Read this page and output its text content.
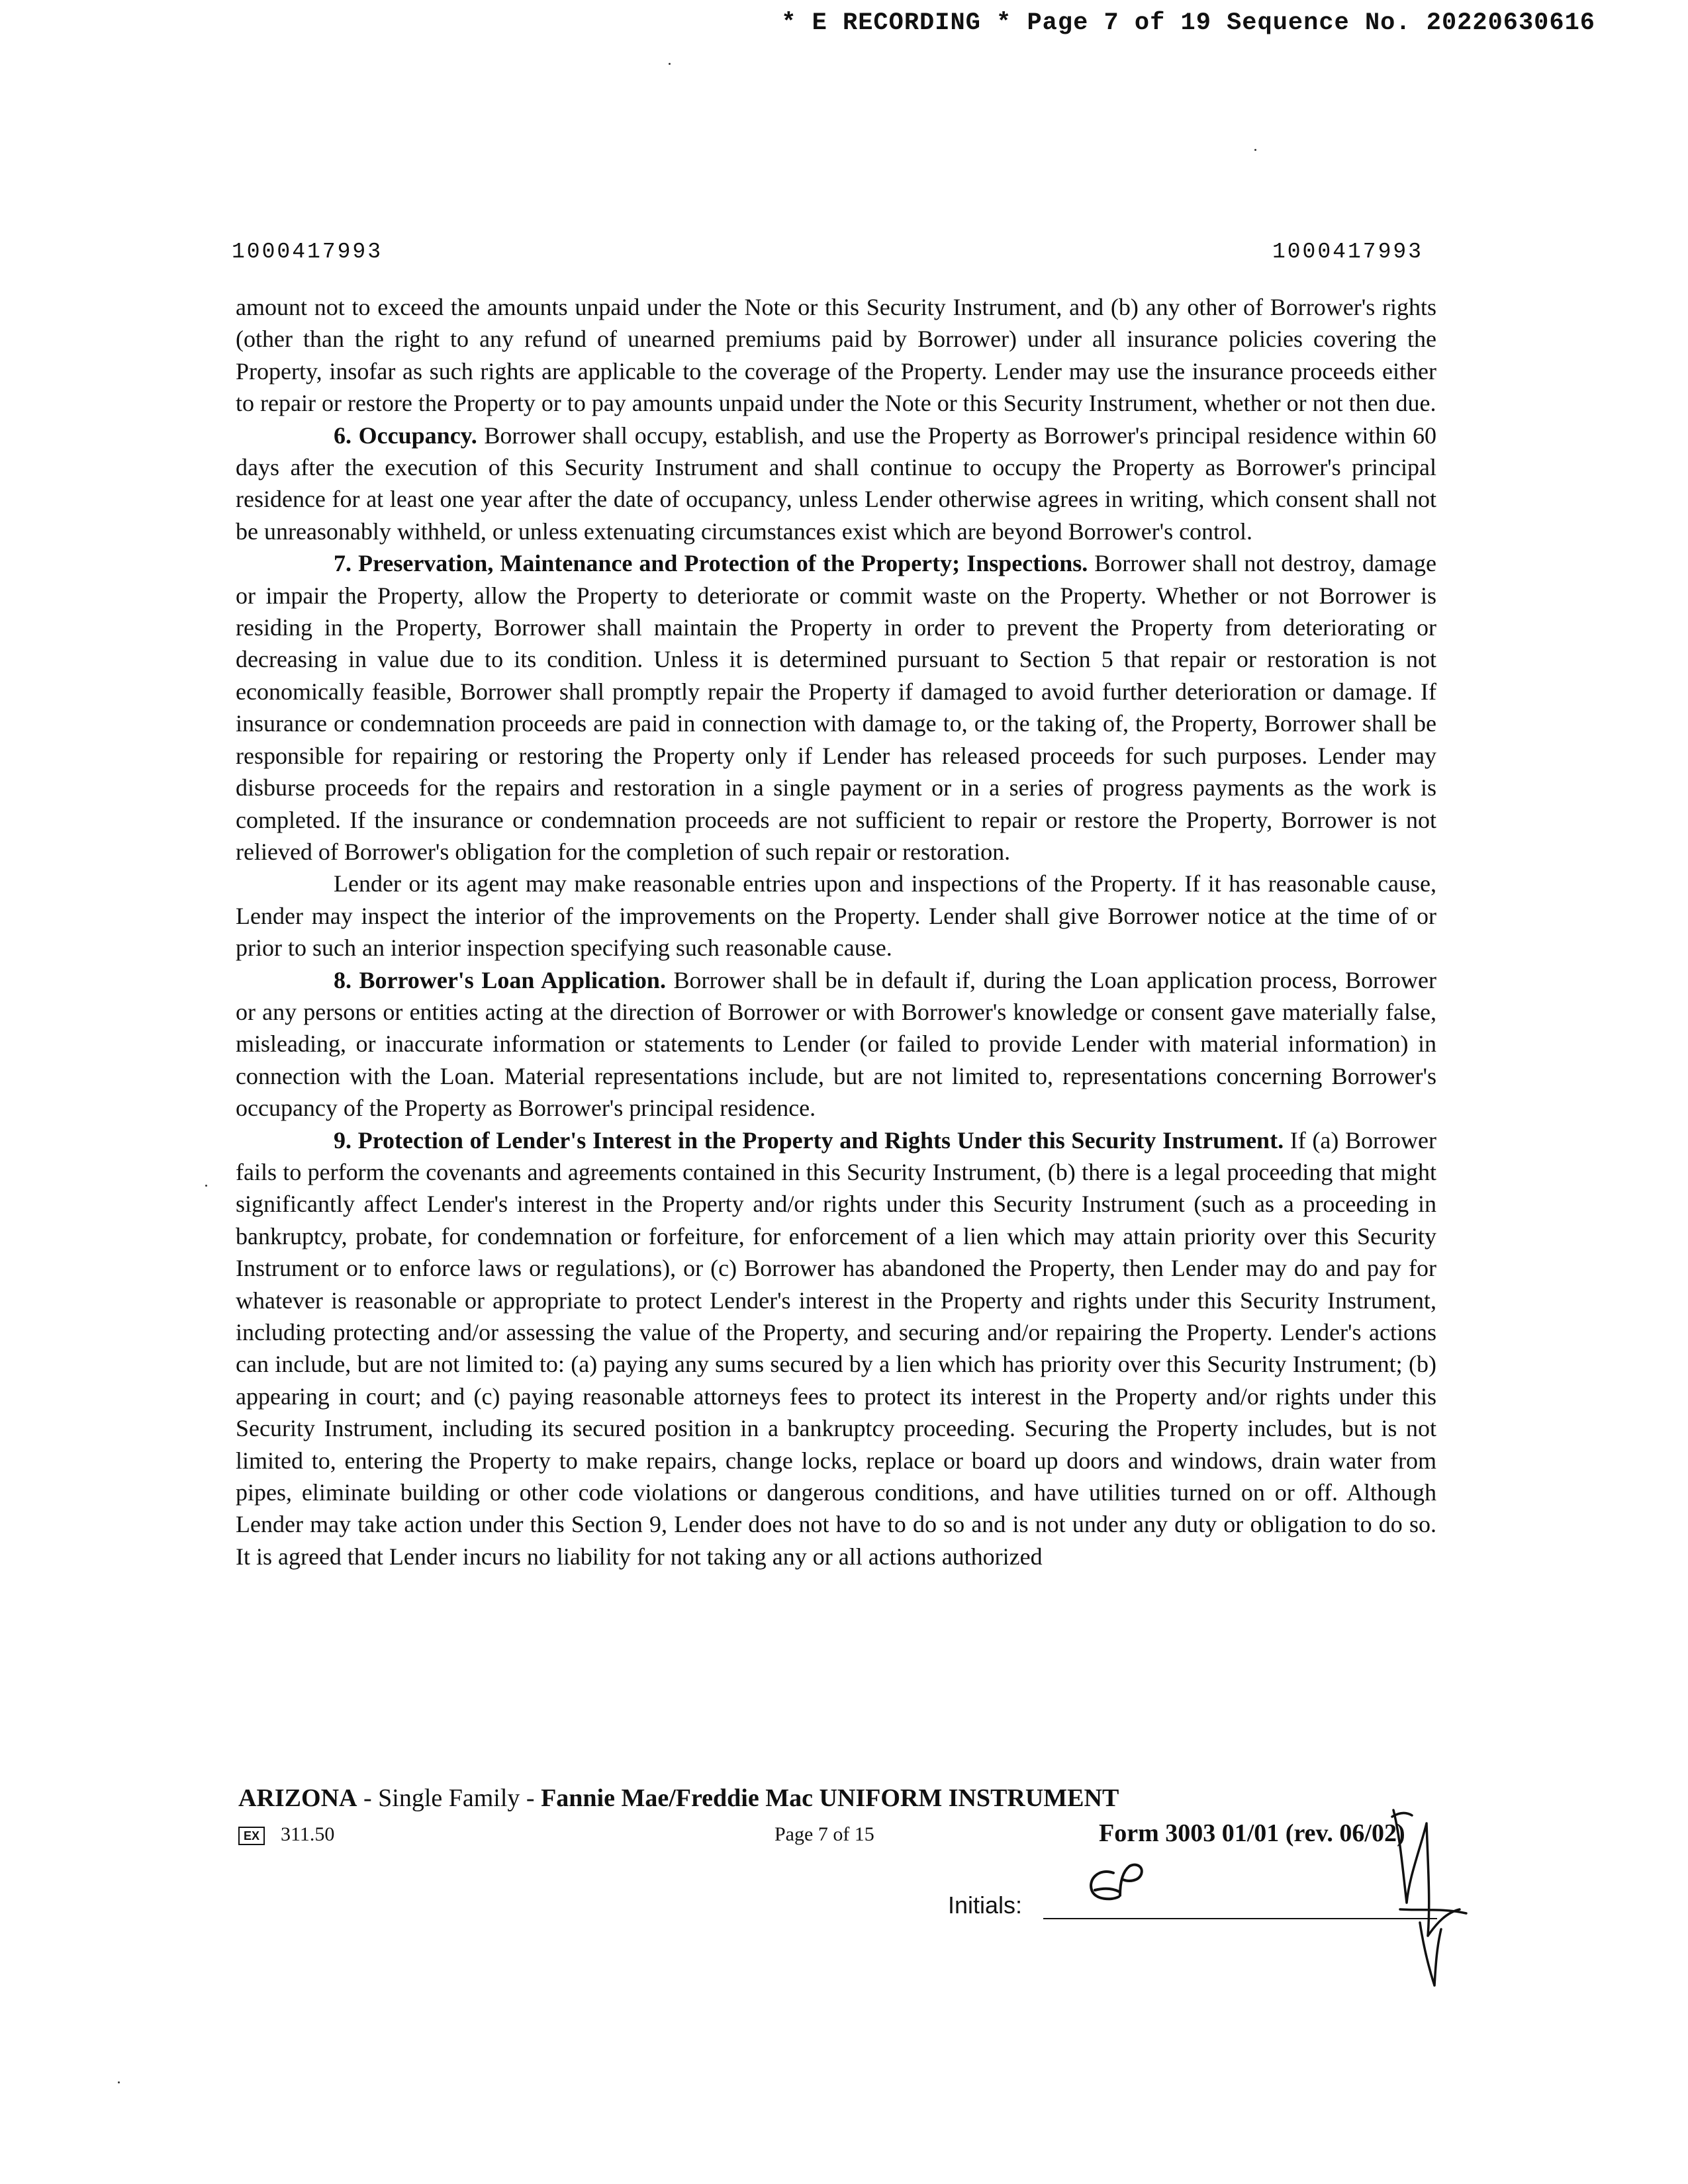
* E RECORDING * Page 7 of 19 Sequence No. 20220630616
1000417993	1000417993

amount not to exceed the amounts unpaid under the Note or this Security Instrument, and (b) any other of Borrower's rights (other than the right to any refund of unearned premiums paid by Borrower) under all insurance policies covering the Property, insofar as such rights are applicable to the coverage of the Property. Lender may use the insurance proceeds either to repair or restore the Property or to pay amounts unpaid under the Note or this Security Instrument, whether or not then due.

6. Occupancy. Borrower shall occupy, establish, and use the Property as Borrower's principal residence within 60 days after the execution of this Security Instrument and shall continue to occupy the Property as Borrower's principal residence for at least one year after the date of occupancy, unless Lender otherwise agrees in writing, which consent shall not be unreasonably withheld, or unless extenuating circumstances exist which are beyond Borrower's control.

7. Preservation, Maintenance and Protection of the Property; Inspections. Borrower shall not destroy, damage or impair the Property, allow the Property to deteriorate or commit waste on the Property. Whether or not Borrower is residing in the Property, Borrower shall maintain the Property in order to prevent the Property from deteriorating or decreasing in value due to its condition. Unless it is determined pursuant to Section 5 that repair or restoration is not economically feasible, Borrower shall promptly repair the Property if damaged to avoid further deterioration or damage. If insurance or condemnation proceeds are paid in connection with damage to, or the taking of, the Property, Borrower shall be responsible for repairing or restoring the Property only if Lender has released proceeds for such purposes. Lender may disburse proceeds for the repairs and restoration in a single payment or in a series of progress payments as the work is completed. If the insurance or condemnation proceeds are not sufficient to repair or restore the Property, Borrower is not relieved of Borrower's obligation for the completion of such repair or restoration.

Lender or its agent may make reasonable entries upon and inspections of the Property. If it has reasonable cause, Lender may inspect the interior of the improvements on the Property. Lender shall give Borrower notice at the time of or prior to such an interior inspection specifying such reasonable cause.

8. Borrower's Loan Application. Borrower shall be in default if, during the Loan application process, Borrower or any persons or entities acting at the direction of Borrower or with Borrower's knowledge or consent gave materially false, misleading, or inaccurate information or statements to Lender (or failed to provide Lender with material information) in connection with the Loan. Material representations include, but are not limited to, representations concerning Borrower's occupancy of the Property as Borrower's principal residence.

9. Protection of Lender's Interest in the Property and Rights Under this Security Instrument. If (a) Borrower fails to perform the covenants and agreements contained in this Security Instrument, (b) there is a legal proceeding that might significantly affect Lender's interest in the Property and/or rights under this Security Instrument (such as a proceeding in bankruptcy, probate, for condemnation or forfeiture, for enforcement of a lien which may attain priority over this Security Instrument or to enforce laws or regulations), or (c) Borrower has abandoned the Property, then Lender may do and pay for whatever is reasonable or appropriate to protect Lender's interest in the Property and rights under this Security Instrument, including protecting and/or assessing the value of the Property, and securing and/or repairing the Property. Lender's actions can include, but are not limited to: (a) paying any sums secured by a lien which has priority over this Security Instrument; (b) appearing in court; and (c) paying reasonable attorneys fees to protect its interest in the Property and/or rights under this Security Instrument, including its secured position in a bankruptcy proceeding. Securing the Property includes, but is not limited to, entering the Property to make repairs, change locks, replace or board up doors and windows, drain water from pipes, eliminate building or other code violations or dangerous conditions, and have utilities turned on or off. Although Lender may take action under this Section 9, Lender does not have to do so and is not under any duty or obligation to do so. It is agreed that Lender incurs no liability for not taking any or all actions authorized

ARIZONA - Single Family - Fannie Mae/Freddie Mac UNIFORM INSTRUMENT
EX 311.50	Page 7 of 15	Form 3003 01/01 (rev. 06/02)
Initials:
